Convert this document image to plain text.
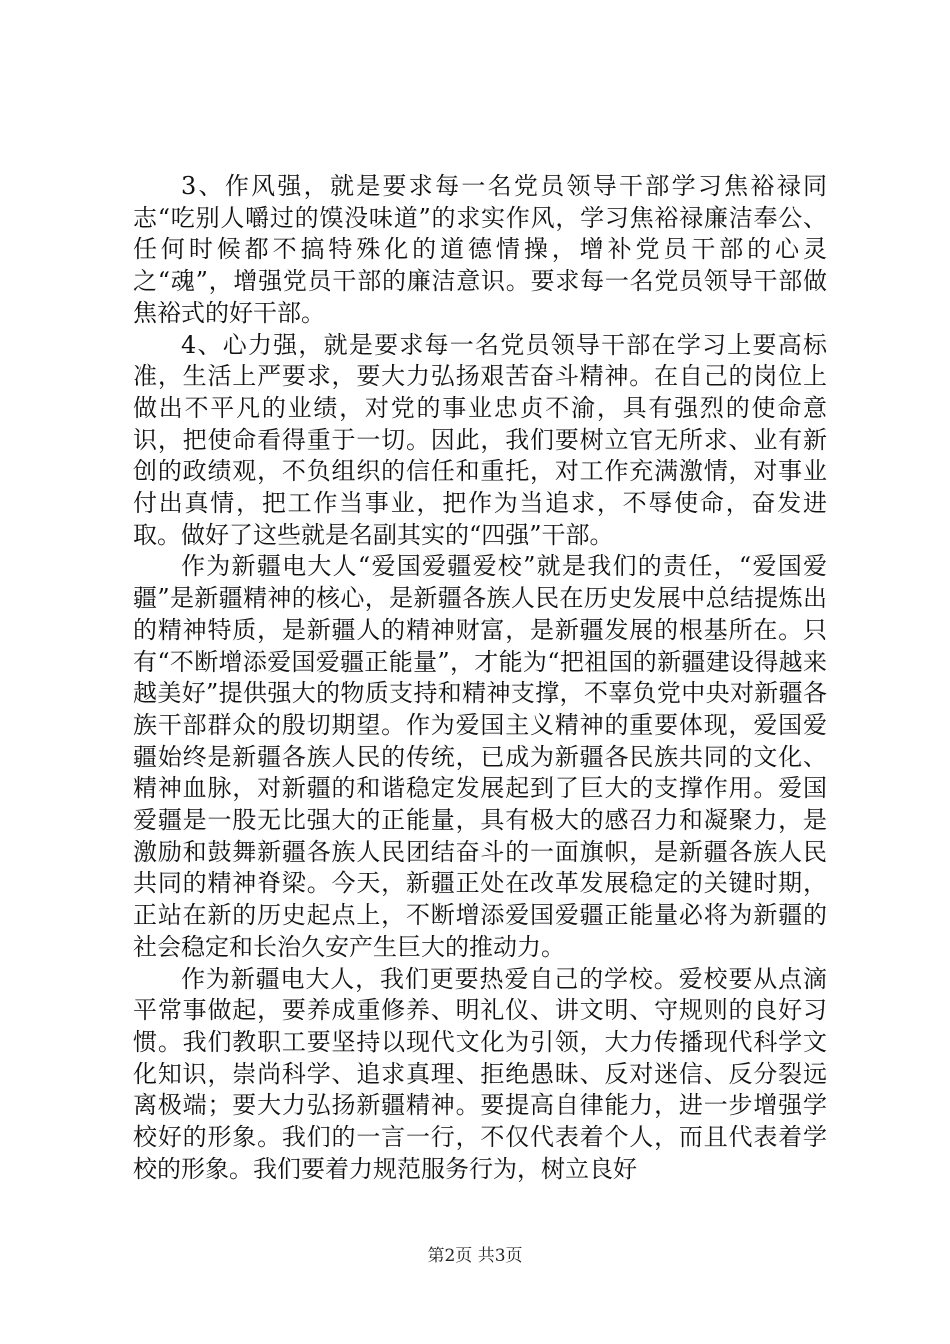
3、作风强，就是要求每一名党员领导干部学习焦裕禄同志“吃别人嚼过的馍没味道”的求实作风，学习焦裕禄廉洁奉公、任何时候都不搞特殊化的道德情操，增补党员干部的心灵之“魂”，增强党员干部的廉洁意识。要求每一名党员领导干部做焦裕式的好干部。

4、心力强，就是要求每一名党员领导干部在学习上要高标准，生活上严要求，要大力弘扬艰苦奋斗精神。在自己的岗位上做出不平凡的业绩，对党的事业忠贞不渝，具有强烈的使命意识，把使命看得重于一切。因此，我们要树立官无所求、业有新创的政绩观，不负组织的信任和重托，对工作充满激情，对事业付出真情，把工作当事业，把作为当追求，不辱使命，奋发进取。做好了这些就是名副其实的“四强”干部。

作为新疆电大人“爱国爱疆爱校”就是我们的责任，“爱国爱疆”是新疆精神的核心，是新疆各族人民在历史发展中总结提炼出的精神特质，是新疆人的精神财富，是新疆发展的根基所在。只有“不断增添爱国爱疆正能量”，才能为“把祖国的新疆建设得越来越美好”提供强大的物质支持和精神支撑，不辜负党中央对新疆各族干部群众的殷切期望。作为爱国主义精神的重要体现，爱国爱疆始终是新疆各族人民的传统，已成为新疆各民族共同的文化、精神血脉，对新疆的和谐稳定发展起到了巨大的支撑作用。爱国爱疆是一股无比强大的正能量，具有极大的感召力和凝聚力，是激励和鼓舞新疆各族人民团结奋斗的一面旗帜，是新疆各族人民共同的精神脊梁。今天，新疆正处在改革发展稳定的关键时期，正站在新的历史起点上，不断增添爱国爱疆正能量必将为新疆的社会稳定和长治久安产生巨大的推动力。

作为新疆电大人，我们更要热爱自己的学校。爱校要从点滴平常事做起，要养成重修养、明礼仪、讲文明、守规则的良好习惯。我们教职工要坚持以现代文化为引领，大力传播现代科学文化知识，崇尚科学、追求真理、拒绝愚昧、反对迷信、反分裂远离极端；要大力弘扬新疆精神。要提高自律能力，进一步增强学校好的形象。我们的一言一行，不仅代表着个人，而且代表着学校的形象。我们要着力规范服务行为，树立良好

第2页 共3页
